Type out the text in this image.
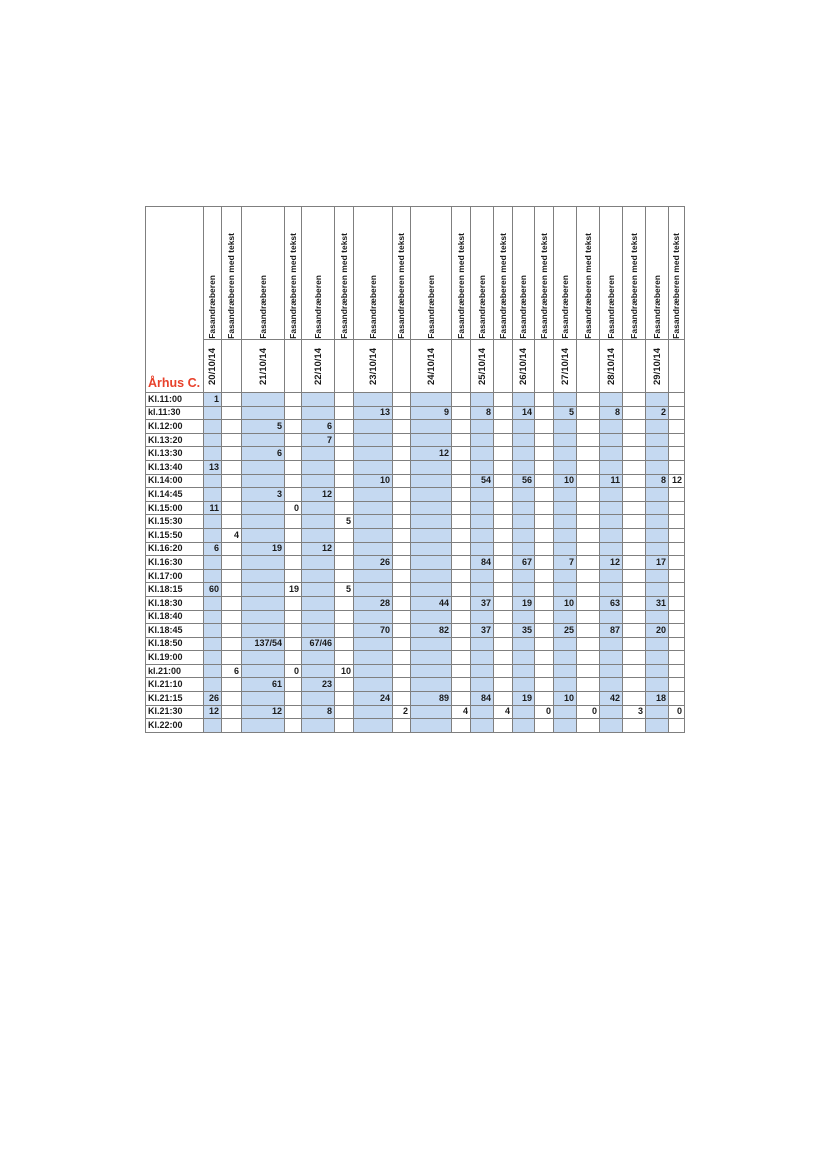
Århus C.	Fasandræberen	Fasandræberen med tekst	Fasandræberen	Fasandræberen med tekst	Fasandræberen	Fasandræberen med tekst	Fasandræberen	Fasandræberen med tekst	Fasandræberen	Fasandræberen med tekst	Fasandræberen	Fasandræberen med tekst	Fasandræberen	Fasandræberen med tekst	Fasandræberen	Fasandræberen med tekst	Fasandræberen	Fasandræberen med tekst	Fasandræberen	Fasandræberen med tekst

	20/10/14		21/10/14		22/10/14		23/10/14		24/10/14		25/10/14		26/10/14		27/10/14		28/10/14		29/10/14	

Kl.11:00	1																			
kl.11:30							13		9		8		14		5		8		2	
Kl.12:00			5		6															
Kl.13:20					7															
Kl.13:30			6						12											
Kl.13:40	13																			
Kl.14:00							10				54		56		10		11		8	12
Kl.14:45			3		12															
Kl.15:00	11			0																
Kl.15:30						5														
Kl.15:50		4																		
Kl.16:20	6		19		12															
Kl.16:30							26				84		67		7		12		17	
Kl.17:00																				
Kl.18:15	60			19		5														
Kl.18:30							28		44		37		19		10		63		31	
Kl.18:40																				
Kl.18:45							70		82		37		35		25		87		20	
Kl.18:50			137/54		67/46															
Kl.19:00																				
kl.21:00		6		0		10														
Kl.21:10			61		23															
Kl.21:15	26						24		89		84		19		10		42		18	
Kl.21:30	12		12		8			2		4		4		0		0		3		0
Kl.22:00																				
